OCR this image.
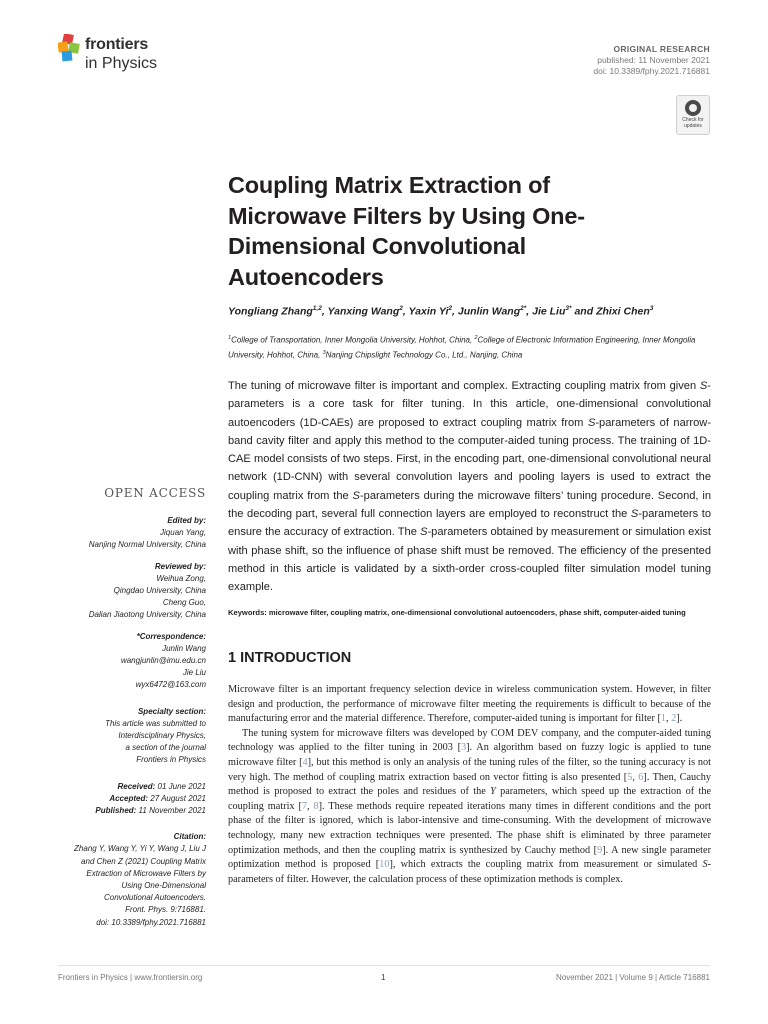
frontiers
in Physics
ORIGINAL RESEARCH
published: 11 November 2021
doi: 10.3389/fphy.2021.716881
Check for
updates
Coupling Matrix Extraction of Microwave Filters by Using One-Dimensional Convolutional Autoencoders
Yongliang Zhang$^{1,2}$, Yanxing Wang$^2$, Yaxin Yi$^2$, Junlin Wang$^{2*}$, Jie Liu$^{3*}$ and Zhixi Chen$^3$
$^1$College of Transportation, Inner Mongolia University, Hohhot, China, $^2$College of Electronic Information Engineering, Inner Mongolia University, Hohhot, China, $^3$Nanjing Chipslight Technology Co., Ltd., Nanjing, China
The tuning of microwave filter is important and complex. Extracting coupling matrix from given S-parameters is a core task for filter tuning. In this article, one-dimensional convolutional autoencoders (1D-CAEs) are proposed to extract coupling matrix from S-parameters of narrow-band cavity filter and apply this method to the computer-aided tuning process. The training of 1D-CAE model consists of two steps. First, in the encoding part, one-dimensional convolutional neural network (1D-CNN) with several convolution layers and pooling layers is used to extract the coupling matrix from the S-parameters during the microwave filters’ tuning procedure. Second, in the decoding part, several full connection layers are employed to reconstruct the S-parameters to ensure the accuracy of extraction. The S-parameters obtained by measurement or simulation exist with phase shift, so the influence of phase shift must be removed. The efficiency of the presented method in this article is validated by a sixth-order cross-coupled filter simulation model tuning example.
Keywords: microwave filter, coupling matrix, one-dimensional convolutional autoencoders, phase shift, computer-aided tuning
1 INTRODUCTION

Microwave filter is an important frequency selection device in wireless communication system. However, in filter design and production, the performance of microwave filter meeting the requirements is difficult to because of the manufacturing error and the material difference. Therefore, computer-aided tuning is important for filter [1, 2].

The tuning system for microwave filters was developed by COM DEV company, and the computer-aided tuning technology was applied to the filter tuning in 2003 [3]. An algorithm based on fuzzy logic is applied to tune microwave filter [4], but this method is only an analysis of the tuning rules of the filter, so the tuning accuracy is not very high. The method of coupling matrix extraction based on vector fitting is also presented [5, 6]. Then, Cauchy method is proposed to extract the poles and residues of the Y parameters, which speed up the extraction of the coupling matrix [7, 8]. These methods require repeated iterations many times in different conditions and the port phase of the filter is ignored, which is labor-intensive and time-consuming. With the development of microwave technology, many new extraction techniques were presented. The phase shift is eliminated by three parameter optimization methods, and then the coupling matrix is synthesized by Cauchy method [9]. A new single parameter optimization method is proposed [10], which extracts the coupling matrix from measurement or simulated S-parameters of filter. However, the calculation process of these optimization methods is complex.

OPEN ACCESS
Edited by:
Jiquan Yang,
Nanjing Normal University, China
Reviewed by:
Weihua Zong,
Qingdao University, China
Cheng Guo,
Dalian Jiaotong University, China
*Correspondence:
Junlin Wang
wangjunlin@imu.edu.cn
Jie Liu
wyx6472@163.com
Specialty section:
This article was submitted to
Interdisciplinary Physics,
a section of the journal
Frontiers in Physics
Received: 01 June 2021
Accepted: 27 August 2021
Published: 11 November 2021
Citation:
Zhang Y, Wang Y, Yi Y, Wang J, Liu J
and Chen Z (2021) Coupling Matrix
Extraction of Microwave Filters by
Using One-Dimensional
Convolutional Autoencoders.
Front. Phys. 9:716881.
doi: 10.3389/fphy.2021.716881
Frontiers in Physics | www.frontiersin.org	1	November 2021 | Volume 9 | Article 716881
